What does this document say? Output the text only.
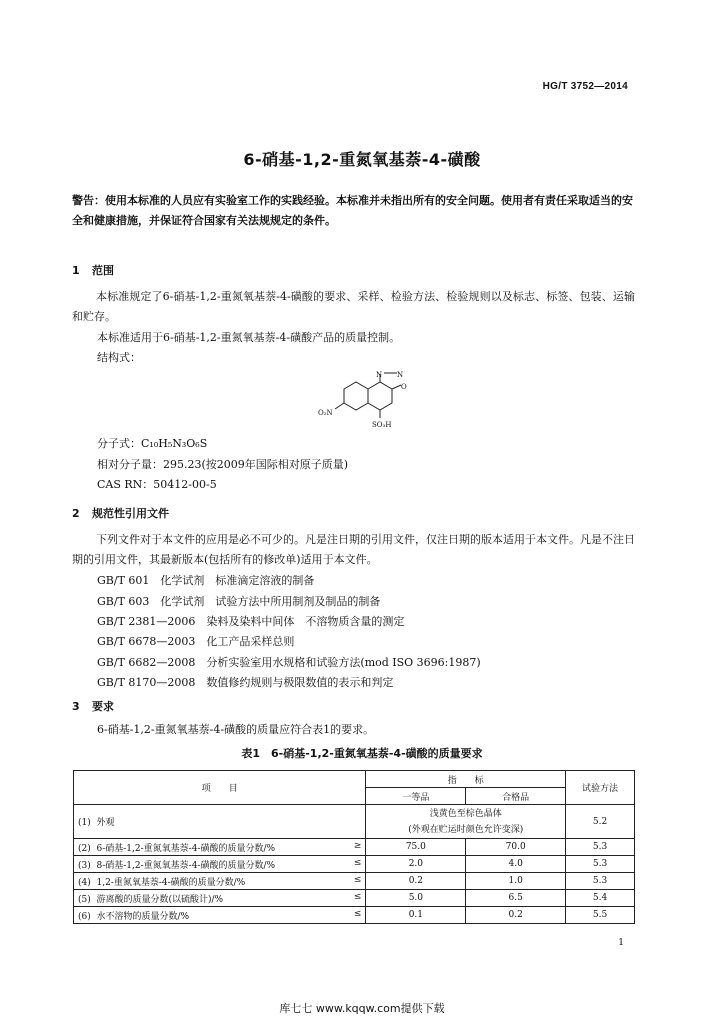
HG/T 3752—2014
6-硝基-1,2-重氮氧基萘-4-磺酸
警告：使用本标准的人员应有实验室工作的实践经验。本标准并未指出所有的安全问题。使用者有责任采取适当的安全和健康措施，并保证符合国家有关法规规定的条件。
1 范围
本标准规定了6-硝基-1,2-重氮氧基萘-4-磺酸的要求、采样、检验方法、检验规则以及标志、标签、包装、运输和贮存。
本标准适用于6-硝基-1,2-重氮氧基萘-4-磺酸产品的质量控制。
结构式：
N N
O
O₂N
SO₃H
分子式：C₁₀H₅N₃O₆S
相对分子量：295.23(按2009年国际相对原子质量)
CAS RN：50412-00-5
2 规范性引用文件
下列文件对于本文件的应用是必不可少的。凡是注日期的引用文件，仅注日期的版本适用于本文件。凡是不注日期的引用文件，其最新版本(包括所有的修改单)适用于本文件。
GB/T 601　化学试剂　标准滴定溶液的制备
GB/T 603　化学试剂　试验方法中所用制剂及制品的制备
GB/T 2381—2006　染料及染料中间体　不溶物质含量的测定
GB/T 6678—2003　化工产品采样总则
GB/T 6682—2008　分析实验室用水规格和试验方法(mod ISO 3696:1987)
GB/T 8170—2008　数值修约规则与极限数值的表示和判定
3 要求
6-硝基-1,2-重氮氧基萘-4-磺酸的质量应符合表1的要求。
表1　6-硝基-1,2-重氮氧基萘-4-磺酸的质量要求
项　　目	指　　标		试验方法
	一等品	合格品	
(1) 外观	浅黄色至棕色晶体
(外观在贮运时颜色允许变深)		5.2

(2) 6-硝基-1,2-重氮氧基萘-4-磺酸的质量分数/% ≥	75.0	70.0	5.3

(3) 8-硝基-1,2-重氮氧基萘-4-磺酸的质量分数/% ≤	2.0	4.0	5.3

(4) 1,2-重氮氧基萘-4-磺酸的质量分数/% ≤	0.2	1.0	5.3

(5) 游离酸的质量分数(以硫酸计)/% ≤	5.0	6.5	5.4

(6) 水不溶物的质量分数/% ≤	0.1	0.2	5.5
1
库七七 www.kqqw.com提供下载
